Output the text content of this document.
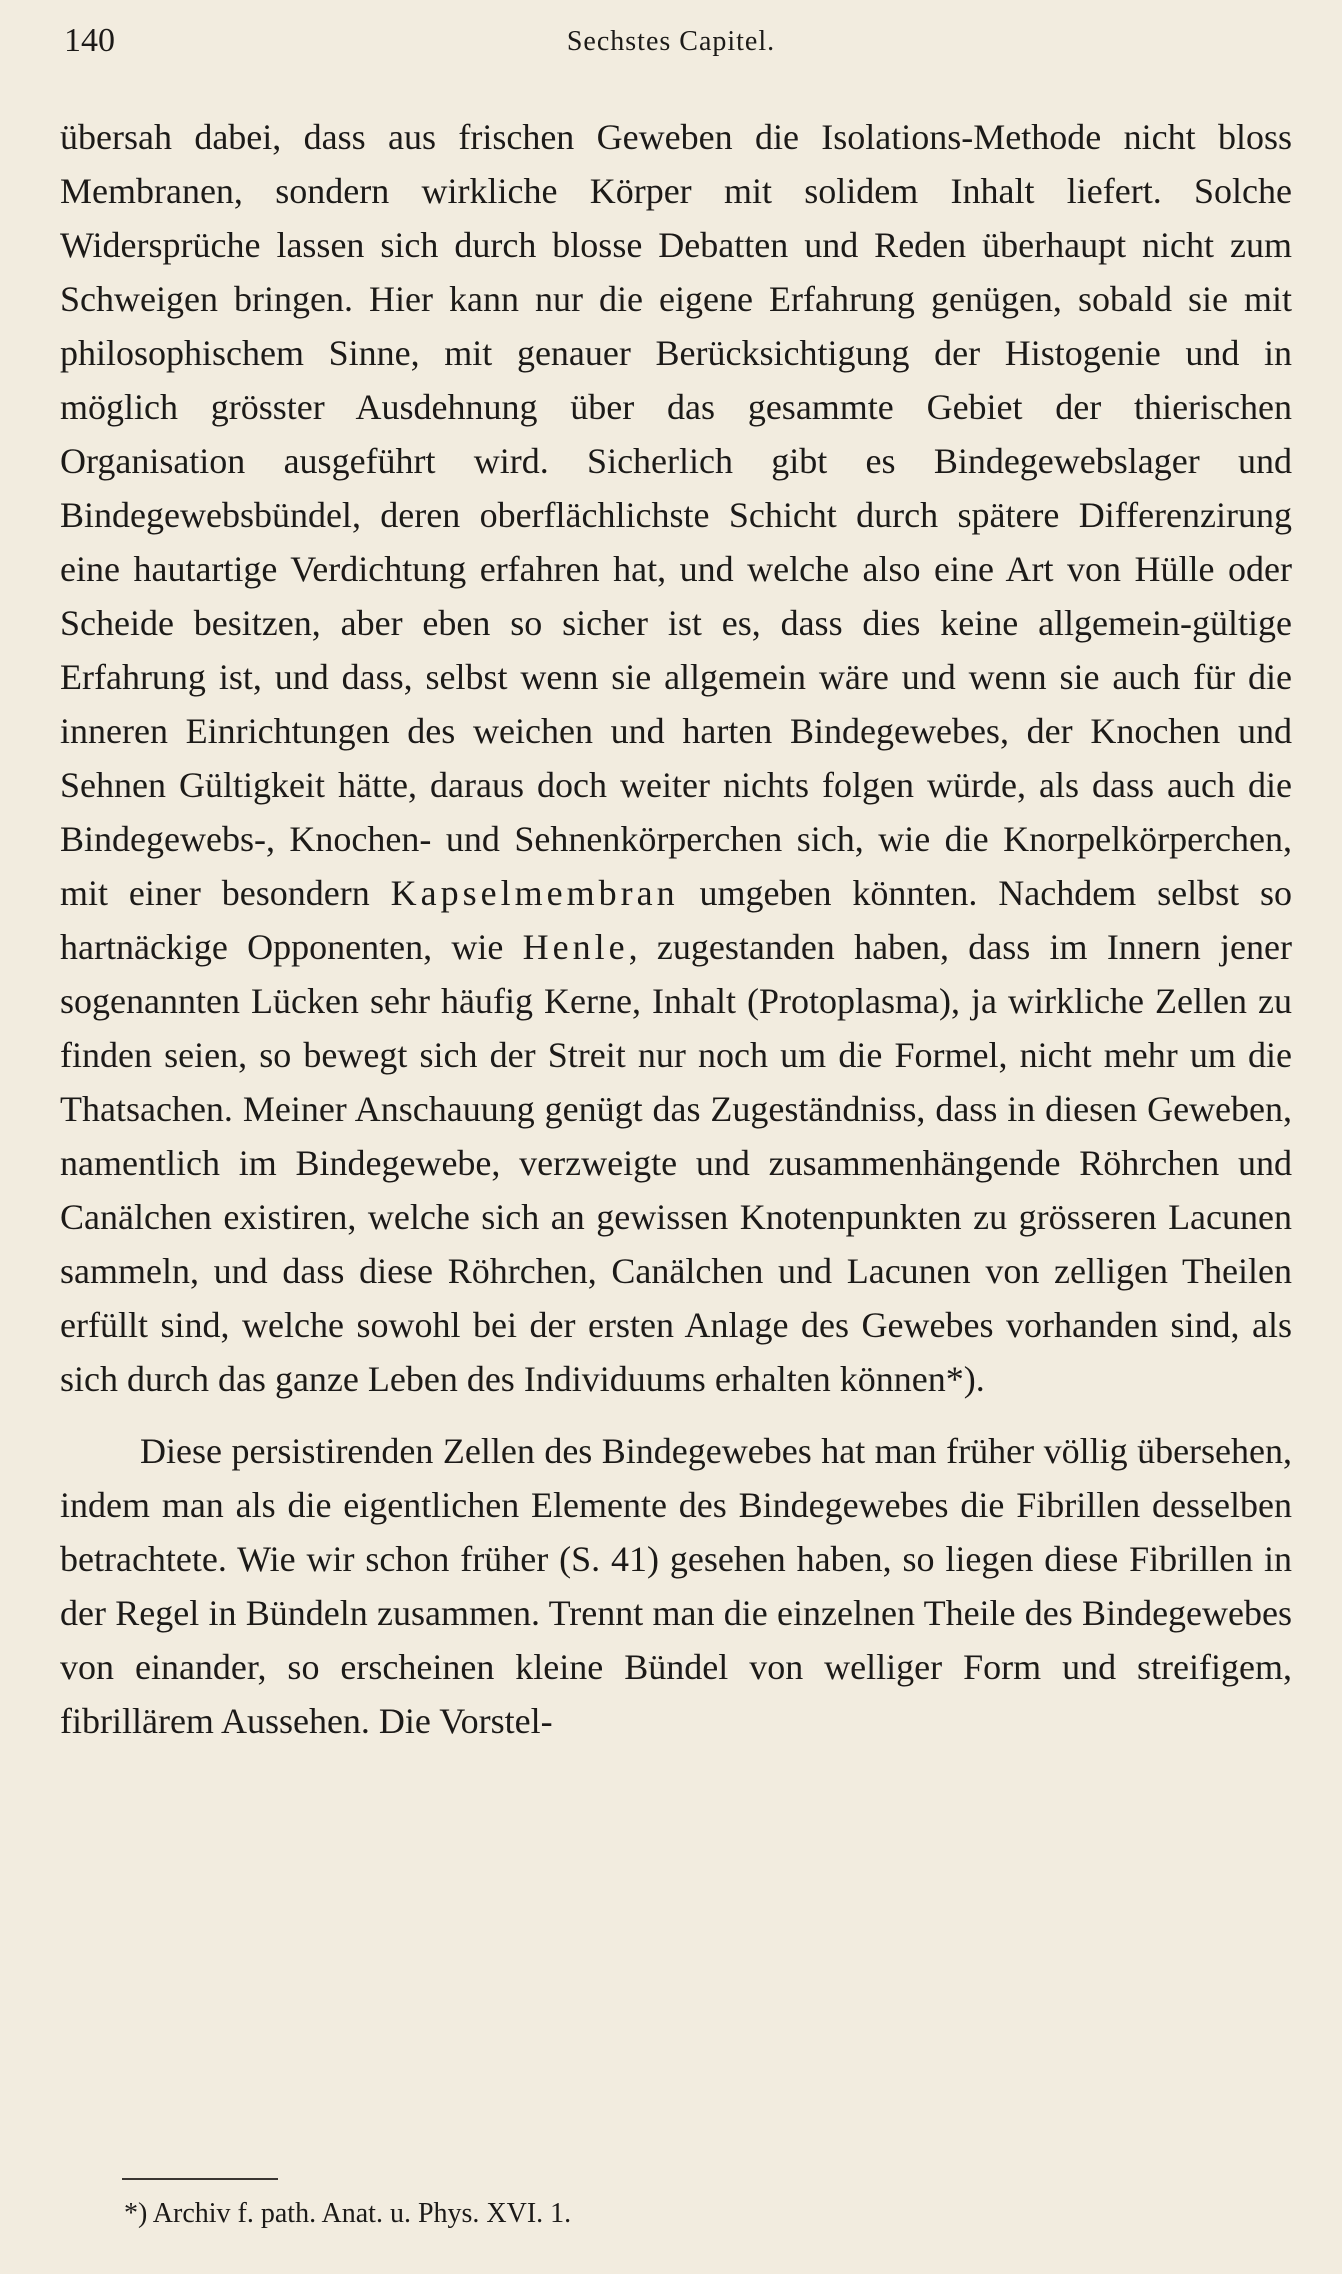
140	Sechstes Capitel.

übersah dabei, dass aus frischen Geweben die Isolations-Methode nicht bloss Membranen, sondern wirkliche Körper mit solidem Inhalt liefert. Solche Widersprüche lassen sich durch blosse Debatten und Reden überhaupt nicht zum Schweigen bringen. Hier kann nur die eigene Erfahrung genügen, sobald sie mit philosophischem Sinne, mit genauer Berücksichtigung der Histogenie und in möglich grösster Ausdehnung über das gesammte Gebiet der thierischen Organisation ausgeführt wird. Sicherlich gibt es Bindegewebslager und Bindegewebsbündel, deren oberflächlichste Schicht durch spätere Differenzirung eine hautartige Verdichtung erfahren hat, und welche also eine Art von Hülle oder Scheide besitzen, aber eben so sicher ist es, dass dies keine allgemein-gültige Erfahrung ist, und dass, selbst wenn sie allgemein wäre und wenn sie auch für die inneren Einrichtungen des weichen und harten Bindegewebes, der Knochen und Sehnen Gültigkeit hätte, daraus doch weiter nichts folgen würde, als dass auch die Bindegewebs-, Knochen- und Sehnenkörperchen sich, wie die Knorpelkörperchen, mit einer besondern Kapselmembran umgeben könnten. Nachdem selbst so hartnäckige Opponenten, wie Henle, zugestanden haben, dass im Innern jener sogenannten Lücken sehr häufig Kerne, Inhalt (Protoplasma), ja wirkliche Zellen zu finden seien, so bewegt sich der Streit nur noch um die Formel, nicht mehr um die Thatsachen. Meiner Anschauung genügt das Zugeständniss, dass in diesen Geweben, namentlich im Bindegewebe, verzweigte und zusammenhängende Röhrchen und Canälchen existiren, welche sich an gewissen Knotenpunkten zu grösseren Lacunen sammeln, und dass diese Röhrchen, Canälchen und Lacunen von zelligen Theilen erfüllt sind, welche sowohl bei der ersten Anlage des Gewebes vorhanden sind, als sich durch das ganze Leben des Individuums erhalten können*).

Diese persistirenden Zellen des Bindegewebes hat man früher völlig übersehen, indem man als die eigentlichen Elemente des Bindegewebes die Fibrillen desselben betrachtete. Wie wir schon früher (S. 41) gesehen haben, so liegen diese Fibrillen in der Regel in Bündeln zusammen. Trennt man die einzelnen Theile des Bindegewebes von einander, so erscheinen kleine Bündel von welliger Form und streifigem, fibrillärem Aussehen. Die Vorstel-

*) Archiv f. path. Anat. u. Phys. XVI. 1.
